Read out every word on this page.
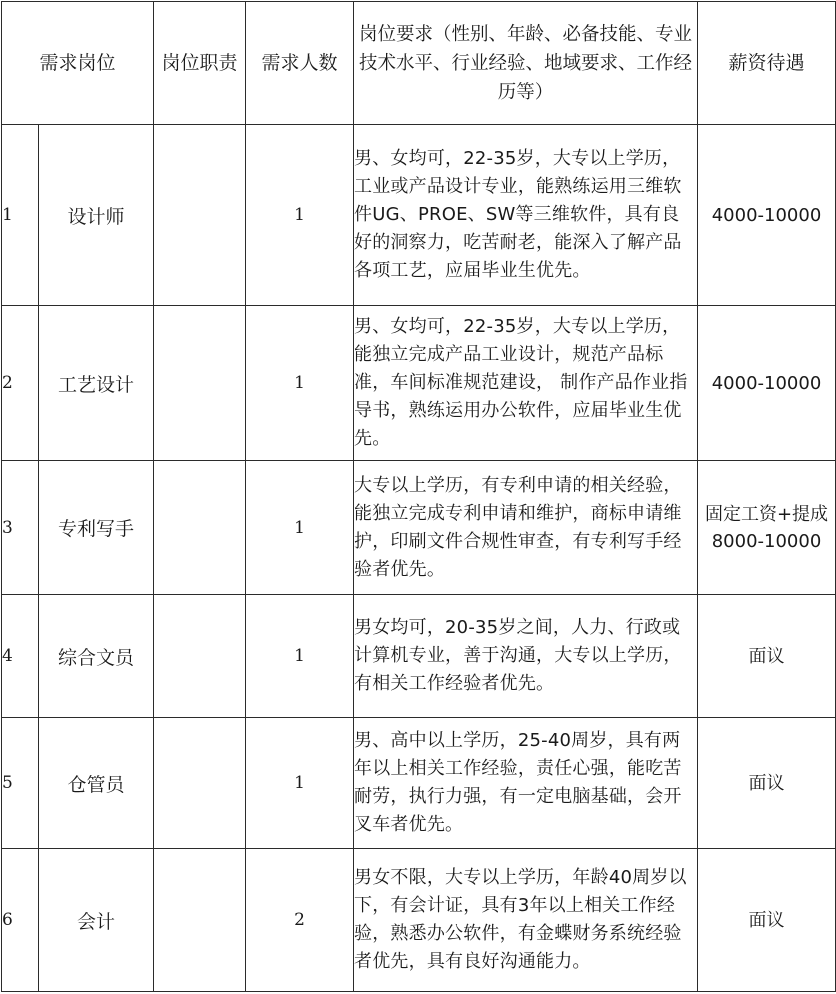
需求岗位		岗位职责	需求人数	岗位要求（性别、年龄、必备技能、专业技术水平、行业经验、地域要求、工作经历等）	薪资待遇
1	设计师		1	男、女均可，22-35岁，大专以上学历，工业或产品设计专业，能熟练运用三维软件UG、PROE、SW等三维软件，具有良好的洞察力，吃苦耐老，能深入了解产品各项工艺，应届毕业生优先。	4000-10000
2	工艺设计		1	男、女均可，22-35岁，大专以上学历，能独立完成产品工业设计，规范产品标准，车间标准规范建设， 制作产品作业指导书，熟练运用办公软件，应届毕业生优先。	4000-10000
3	专利写手		1	大专以上学历，有专利申请的相关经验，能独立完成专利申请和维护，商标申请维护，印刷文件合规性审查，有专利写手经验者优先。	固定工资+提成8000-10000
4	综合文员		1	男女均可，20-35岁之间，人力、行政或计算机专业，善于沟通，大专以上学历，有相关工作经验者优先。	面议
5	仓管员		1	男、高中以上学历，25-40周岁，具有两年以上相关工作经验，责任心强，能吃苦耐劳，执行力强，有一定电脑基础，会开叉车者优先。	面议
6	会计		2	男女不限，大专以上学历，年龄40周岁以下，有会计证，具有3年以上相关工作经验，熟悉办公软件，有金蝶财务系统经验者优先，具有良好沟通能力。	面议
